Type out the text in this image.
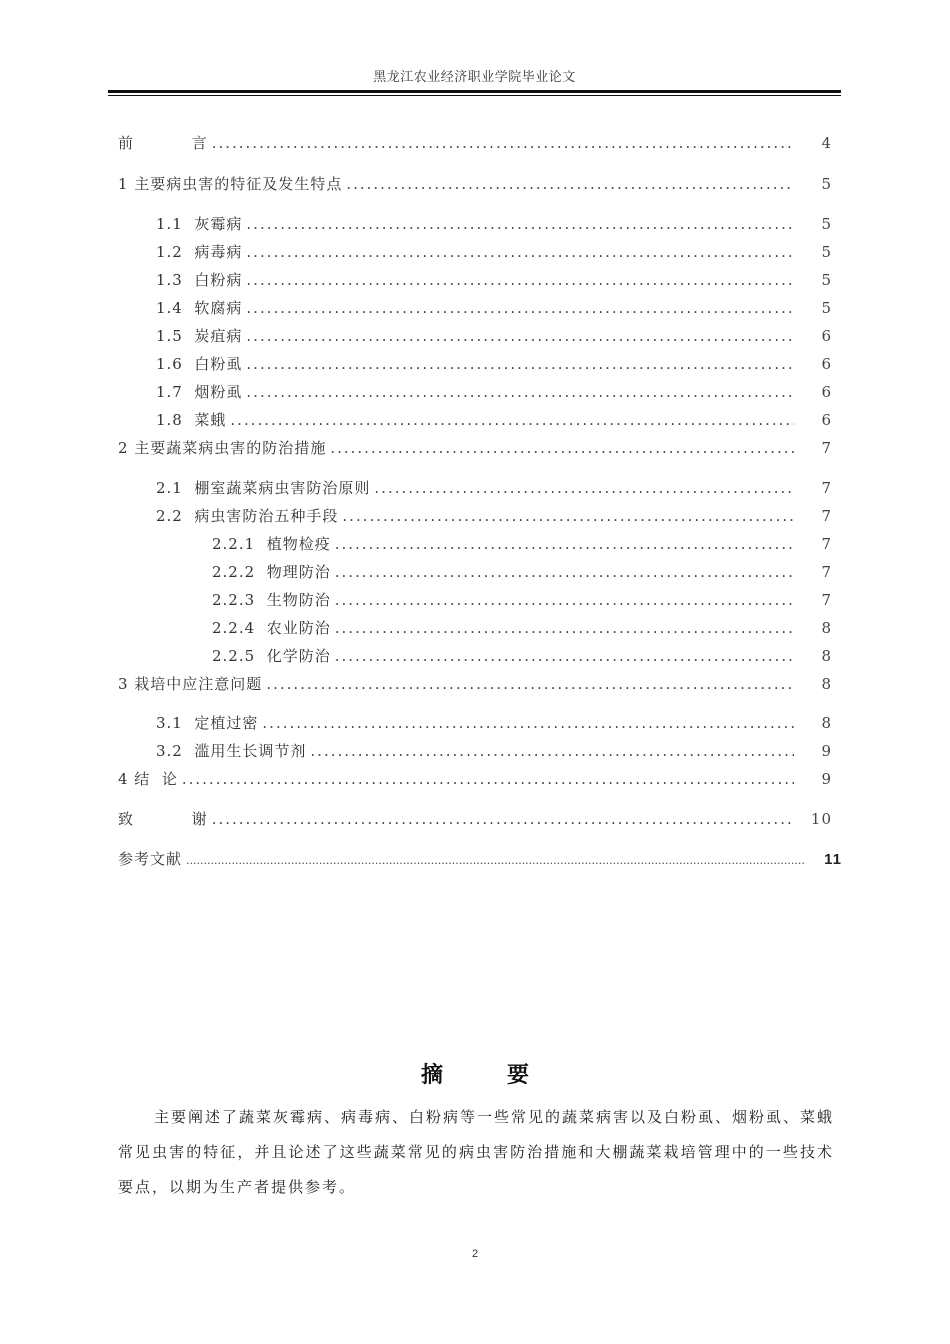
黑龙江农业经济职业学院毕业论文
前          言 .....	4
1 主要病虫害的特征及发生特点 .....	5
1.1  灰霉病 .....	5
1.2  病毒病 .....	5
1.3  白粉病 .....	5
1.4  软腐病 .....	5
1.5  炭疽病 .....	6
1.6  白粉虱 .....	6
1.7  烟粉虱 .....	6
1.8  菜蛾 .....	6
2 主要蔬菜病虫害的防治措施 .....	7
2.1  棚室蔬菜病虫害防治原则 .....	7
2.2  病虫害防治五种手段 .....	7
2.2.1  植物检疫 .....	7
2.2.2  物理防治 .....	7
2.2.3  生物防治 .....	7
2.2.4  农业防治 .....	8
2.2.5  化学防治 .....	8
3 栽培中应注意问题 .....	8
3.1  定植过密 .....	8
3.2  滥用生长调节剂 .....	9
4 结  论 .....	9
致          谢 .....	10
参考文献 .....	11
摘要
主要阐述了蔬菜灰霉病、病毒病、白粉病等一些常见的蔬菜病害以及白粉虱、烟粉虱、菜蛾常见虫害的特征，并且论述了这些蔬菜常见的病虫害防治措施和大棚蔬菜栽培管理中的一些技术要点，以期为生产者提供参考。
2
